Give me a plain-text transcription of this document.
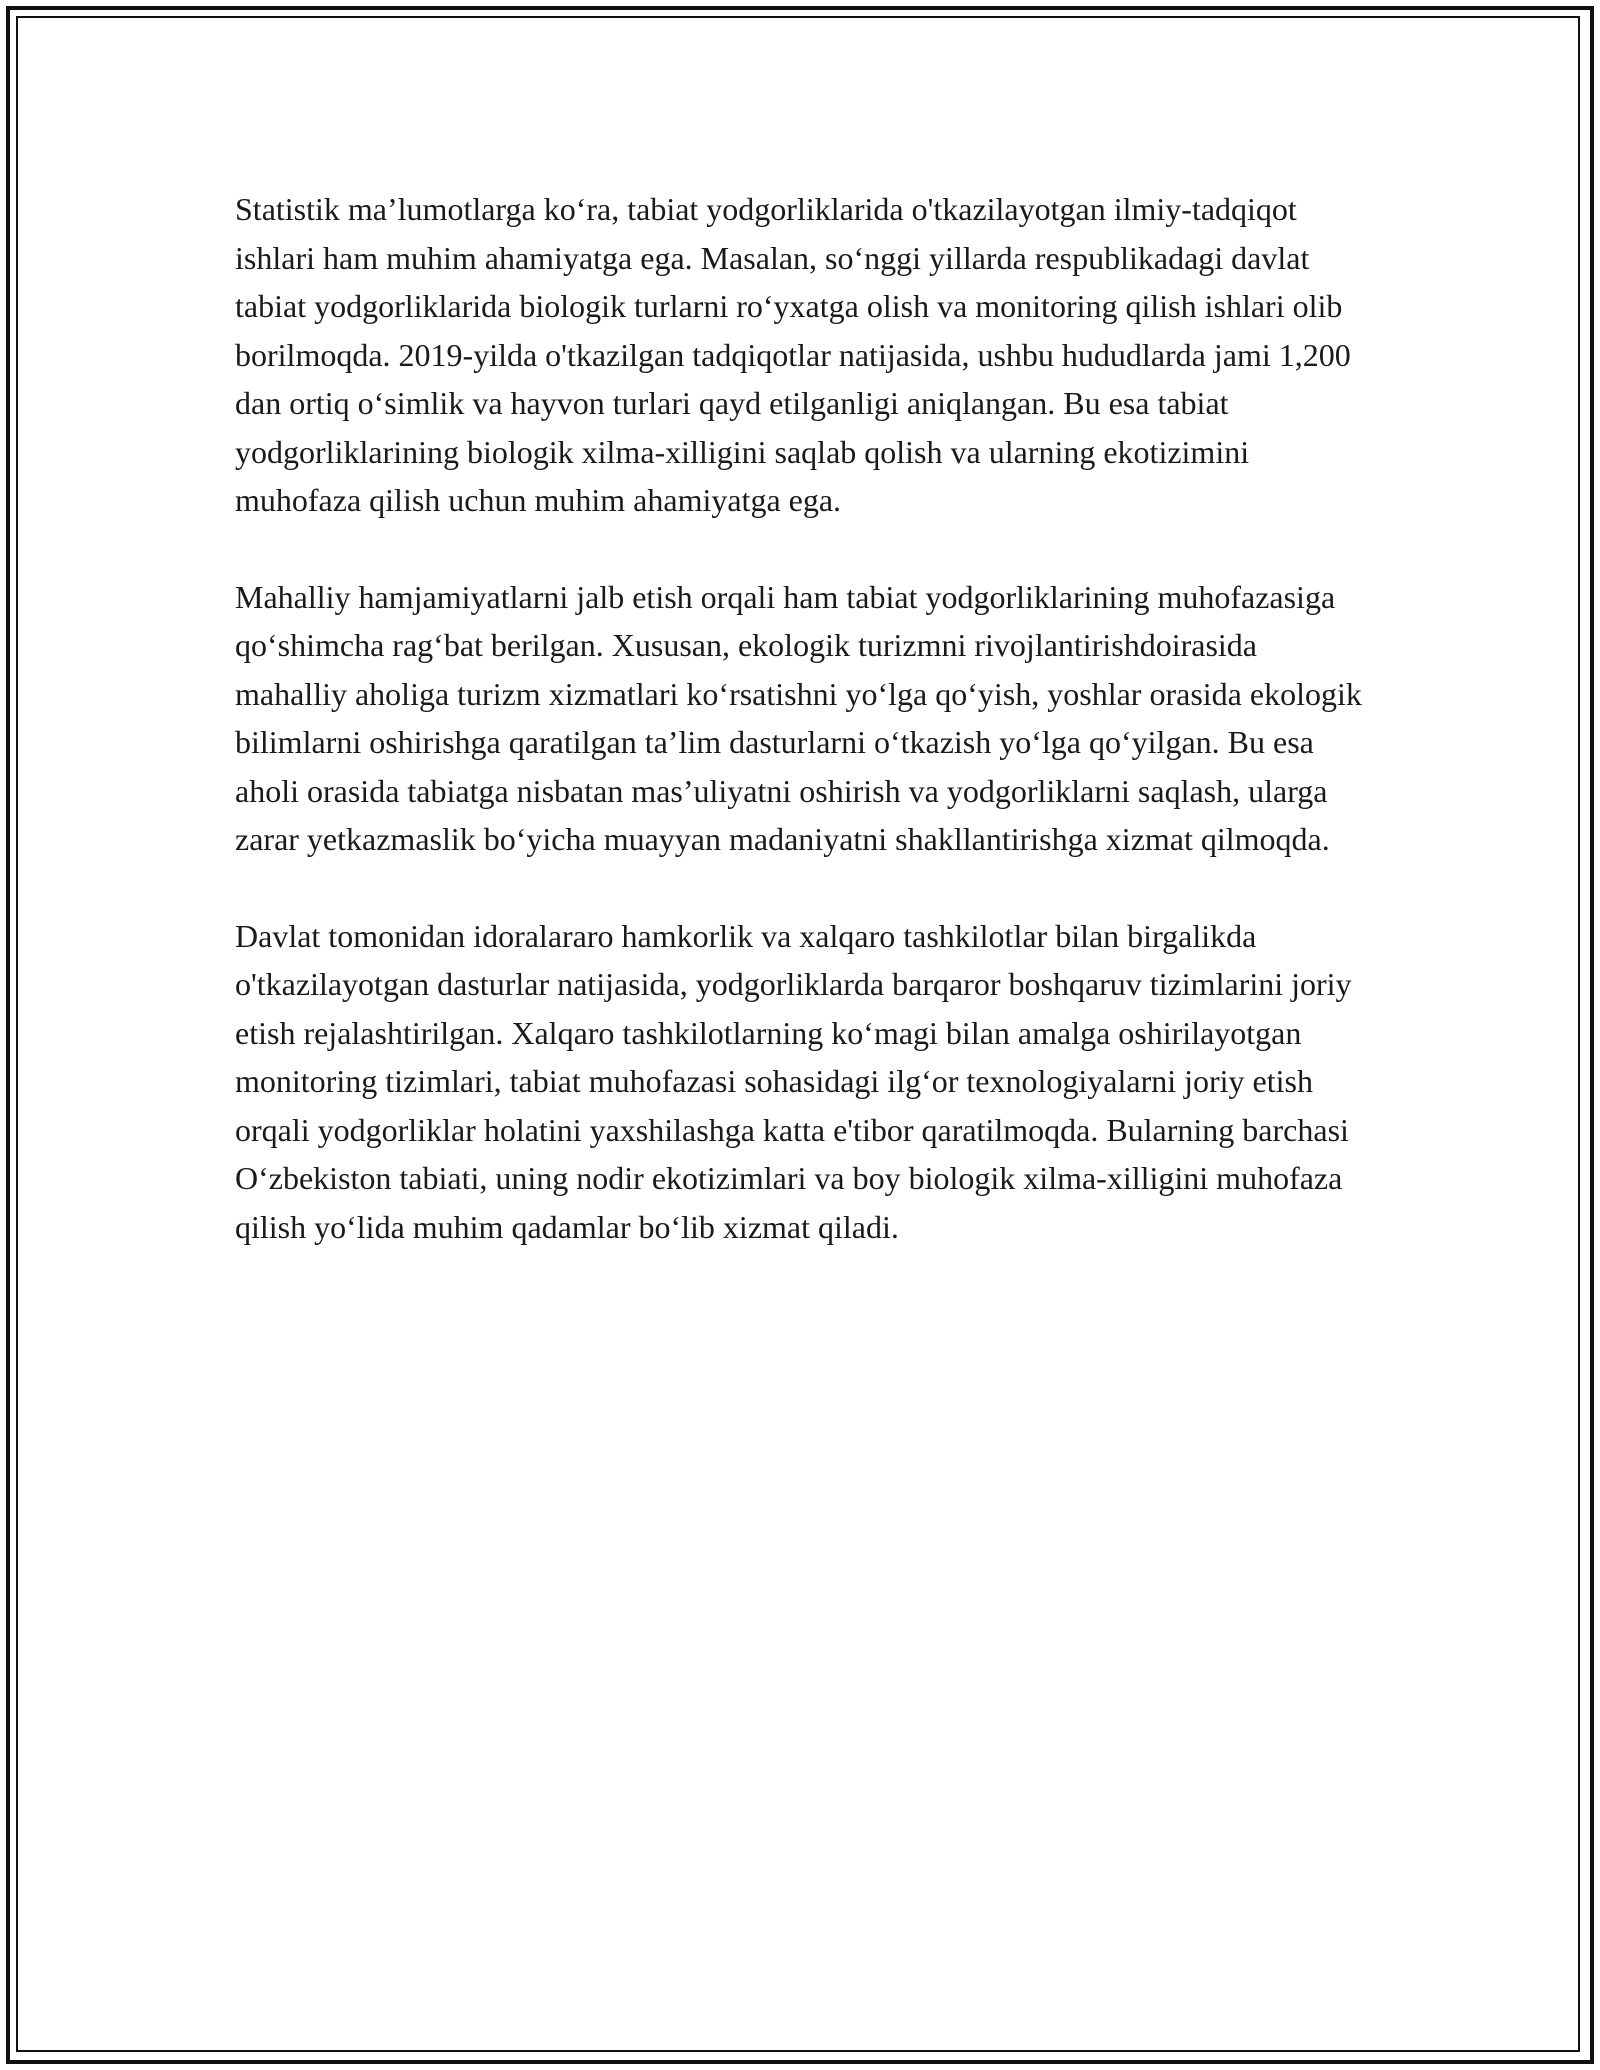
Statistik ma’lumotlarga ko‘ra, tabiat yodgorliklarida o'tkazilayotgan ilmiy-tadqiqot ishlari ham muhim ahamiyatga ega. Masalan, so‘nggi yillarda respublikadagi davlat tabiat yodgorliklarida biologik turlarni ro‘yxatga olish va monitoring qilish ishlari olib borilmoqda. 2019-yilda o'tkazilgan tadqiqotlar natijasida, ushbu hududlarda jami 1,200 dan ortiq o‘simlik va hayvon turlari qayd etilganligi aniqlangan. Bu esa tabiat yodgorliklarining biologik xilma-xilligini saqlab qolish va ularning ekotizimini muhofaza qilish uchun muhim ahamiyatga ega.

Mahalliy hamjamiyatlarni jalb etish orqali ham tabiat yodgorliklarining muhofazasiga qo‘shimcha rag‘bat berilgan. Xususan, ekologik turizmni rivojlantirishdoirasida mahalliy aholiga turizm xizmatlari ko‘rsatishni yo‘lga qo‘yish, yoshlar orasida ekologik bilimlarni oshirishga qaratilgan ta’lim dasturlarni o‘tkazish yo‘lga qo‘yilgan. Bu esa aholi orasida tabiatga nisbatan mas’uliyatni oshirish va yodgorliklarni saqlash, ularga zarar yetkazmaslik bo‘yicha muayyan madaniyatni shakllantirishga xizmat qilmoqda.

Davlat tomonidan idoralararo hamkorlik va xalqaro tashkilotlar bilan birgalikda o'tkazilayotgan dasturlar natijasida, yodgorliklarda barqaror boshqaruv tizimlarini joriy etish rejalashtirilgan. Xalqaro tashkilotlarning ko‘magi bilan amalga oshirilayotgan monitoring tizimlari, tabiat muhofazasi sohasidagi ilg‘or texnologiyalarni joriy etish orqali yodgorliklar holatini yaxshilashga katta e'tibor qaratilmoqda. Bularning barchasi O‘zbekiston tabiati, uning nodir ekotizimlari va boy biologik xilma-xilligini muhofaza qilish yo‘lida muhim qadamlar bo‘lib xizmat qiladi.
